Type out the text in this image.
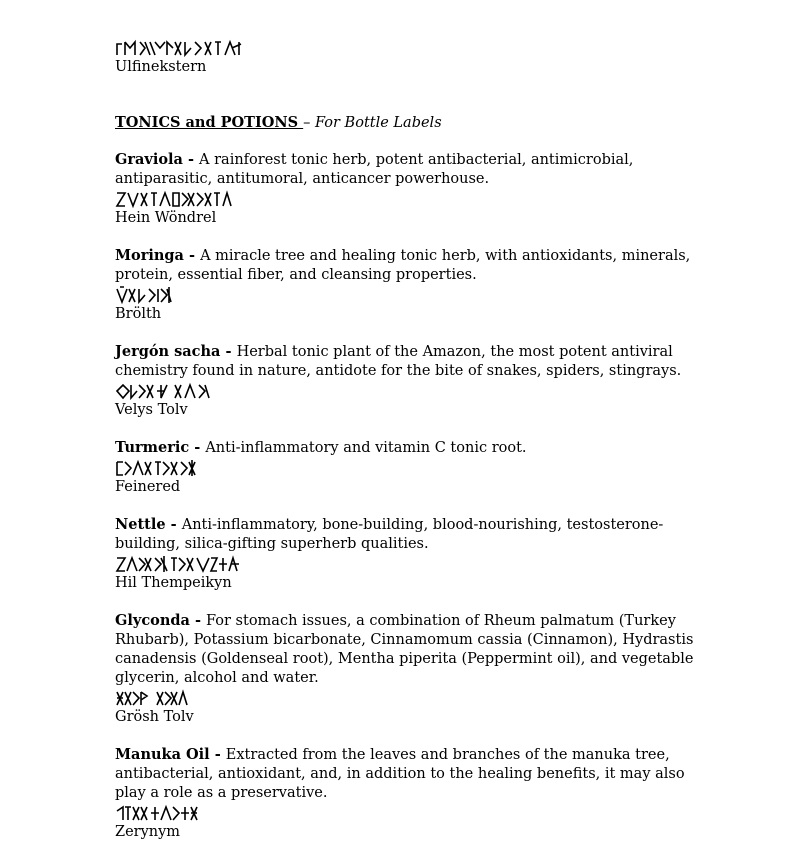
Ulfinekstern
TONICS and POTIONS – For Bottle Labels

Graviola - A rainforest tonic herb, potent antibacterial, antimicrobial, antiparasitic, antitumoral, anticancer powerhouse.

Hein Wöndrel

Moringa - A miracle tree and healing tonic herb, with antioxidants, minerals, protein, essential fiber, and cleansing properties.

Brölth

Jergón sacha - Herbal tonic plant of the Amazon, the most potent antiviral chemistry found in nature, antidote for the bite of snakes, spiders, stingrays.

Velys Tolv

Turmeric - Anti-inflammatory and vitamin C tonic root.

Feinered

Nettle - Anti-inflammatory, bone-building, blood-nourishing, testosterone-building, silica-gifting superherb qualities.

Hil Thempeikyn

Glyconda - For stomach issues, a combination of Rheum palmatum (Turkey Rhubarb), Potassium bicarbonate, Cinnamomum cassia (Cinnamon), Hydrastis canadensis (Goldenseal root), Mentha piperita (Peppermint oil), and vegetable glycerin, alcohol and water.

Grösh Tolv

Manuka Oil - Extracted from the leaves and branches of the manuka tree, antibacterial, antioxidant, and, in addition to the healing benefits, it may also play a role as a preservative.

Zerynym
